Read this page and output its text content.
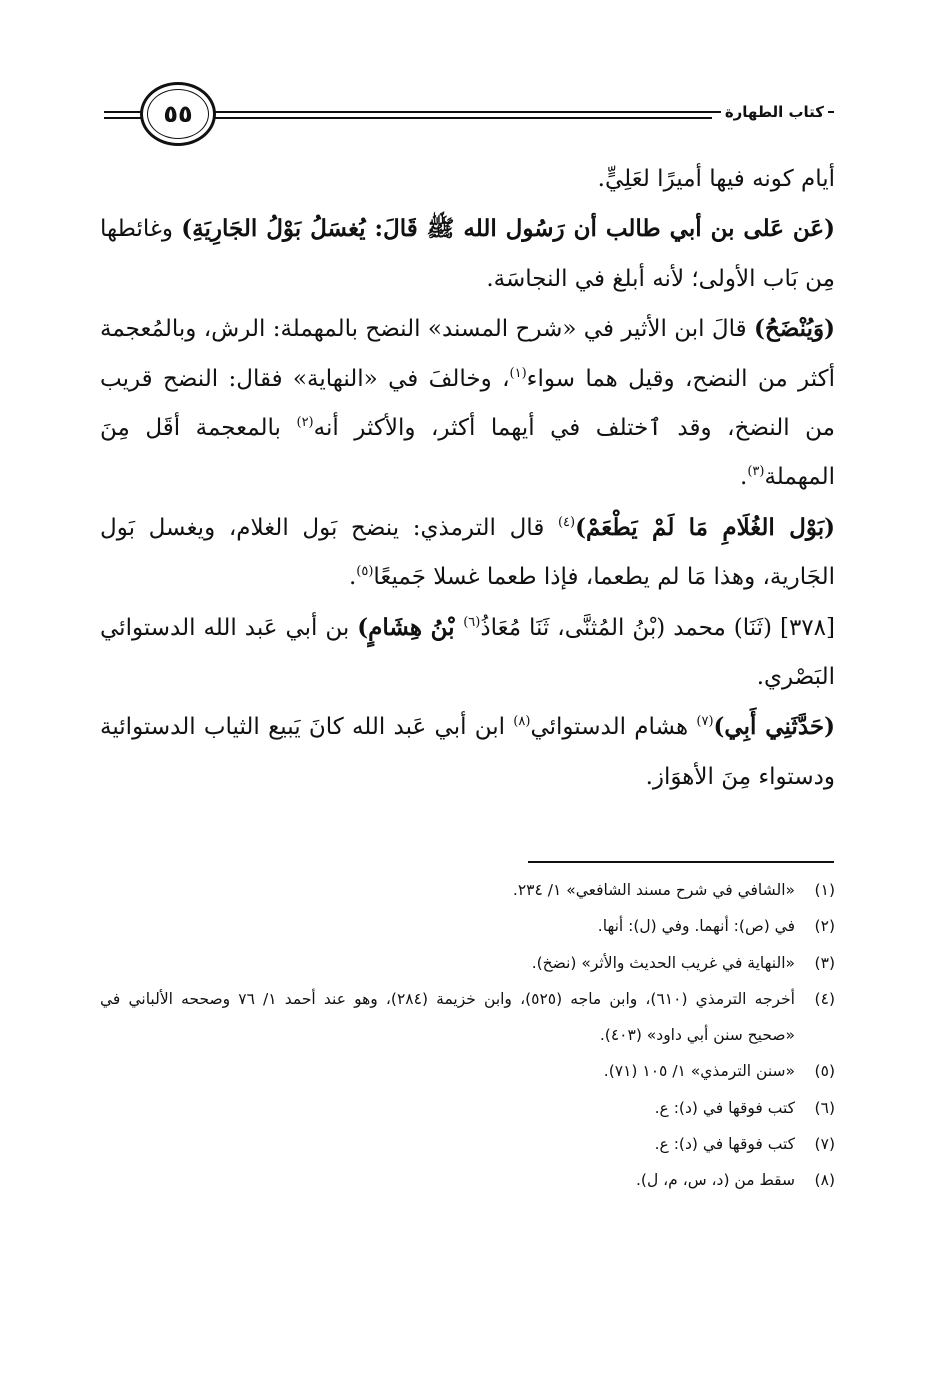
٥٥	كتاب الطهارة

أيام كونه فيها أميرًا لعَلِيٍّ.

(عَن عَلى بن أبي طالب أن رَسُول الله ﷺ قَالَ: يُغسَلُ بَوْلُ الجَارِيَةِ) وغائطها مِن بَاب الأولى؛ لأنه أبلغ في النجاسَة.

(وَيُنْضَحُ) قالَ ابن الأثير في «شرح المسند» النضح بالمهملة: الرش، وبالمُعجمة أكثر من النضح، وقيل هما سواء$^{(١)}$، وخالفَ في «النهاية» فقال: النضح قريب من النضخ، وقد ٱختلف في أيهما أكثر، والأكثر أنه$^{(٢)}$ بالمعجمة أقَل مِنَ المهملة$^{(٣)}$.

(بَوْل الغُلَامِ مَا لَمْ يَطْعَمْ)$^{(٤)}$ قال الترمذي: ينضح بَول الغلام، ويغسل بَول الجَارية، وهذا مَا لم يطعما، فإذا طعما غسلا جَميعًا$^{(٥)}$.

[٣٧٨] (ثَنَا) محمد (بْنُ المُثنَّى، ثَنَا مُعَاذُ$^{(٦)}$ بْنُ هِشَامٍ) بن أبي عَبد الله الدستوائي البَصْري.

(حَدَّثَنِي أَبِي)$^{(٧)}$ هشام الدستوائي$^{(٨)}$ ابن أبي عَبد الله كانَ يَبيع الثياب الدستوائية ودستواء مِنَ الأهوَاز.

(١)
«الشافي في شرح مسند الشافعي» ١/ ٢٣٤.
(٢)
في (ص): أنهما. وفي (ل): أنها.
(٣)
«النهاية في غريب الحديث والأثر» (نضخ).
(٤)
أخرجه الترمذي (٦١٠)، وابن ماجه (٥٢٥)، وابن خزيمة (٢٨٤)، وهو عند أحمد ١/ ٧٦ وصححه الألباني في «صحيح سنن أبي داود» (٤٠٣).
(٥)
«سنن الترمذي» ١/ ١٠٥ (٧١).
(٦)
كتب فوقها في (د): ع.
(٧)
كتب فوقها في (د): ع.
(٨)
سقط من (د، س، م، ل).
